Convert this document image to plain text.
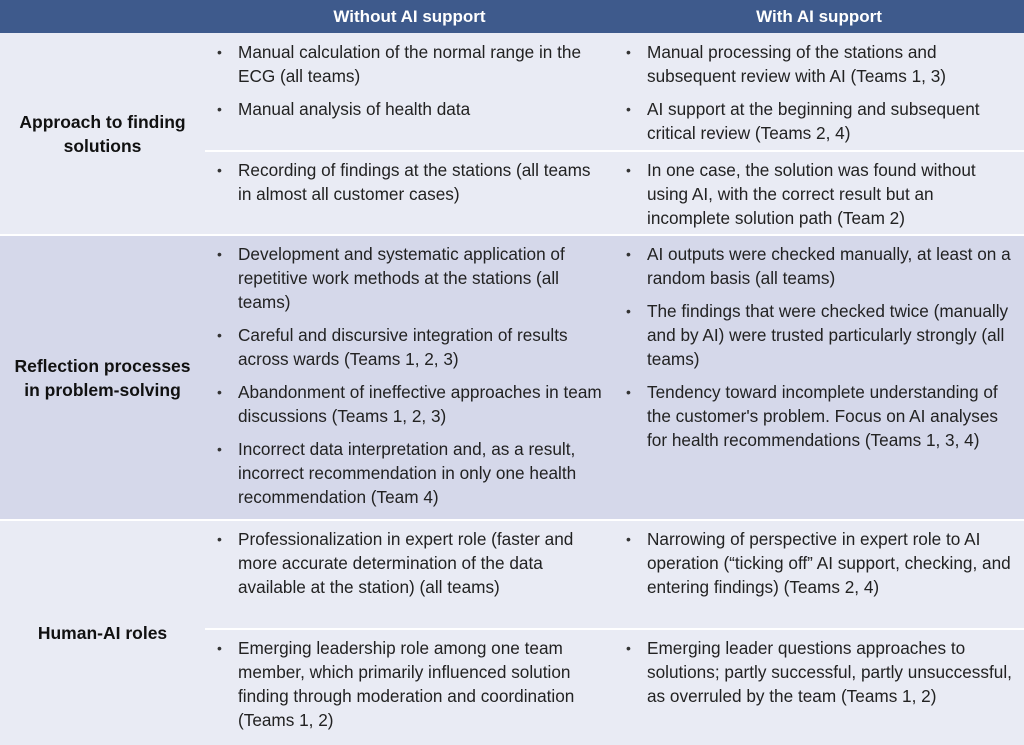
Without AI support	With AI support
Approach to finding solutions
• Manual calculation of the normal range in the ECG (all teams)
• Manual analysis of health data
• Manual processing of the stations and subsequent review with AI (Teams 1, 3)
• AI support at the beginning and subsequent critical review (Teams 2, 4)
• Recording of findings at the stations (all teams in almost all customer cases)
• In one case, the solution was found without using AI, with the correct result but an incomplete solution path (Team 2)
Reflection processes in problem-solving
• Development and systematic application of repetitive work methods at the stations (all teams)
• Careful and discursive integration of results across wards (Teams 1, 2, 3)
• Abandonment of ineffective approaches in team discussions (Teams 1, 2, 3)
• Incorrect data interpretation and, as a result, incorrect recommendation in only one health recommendation (Team 4)
• AI outputs were checked manually, at least on a random basis (all teams)
• The findings that were checked twice (manually and by AI) were trusted particularly strongly (all teams)
• Tendency toward incomplete understanding of the customer's problem. Focus on AI analyses for health recommendations (Teams 1, 3, 4)
Human-AI roles
• Professionalization in expert role (faster and more accurate determination of the data available at the station) (all teams)
• Narrowing of perspective in expert role to AI operation (“ticking off” AI support, checking, and entering findings) (Teams 2, 4)
• Emerging leadership role among one team member, which primarily influenced solution finding through moderation and coordination (Teams 1, 2)
• Emerging leader questions approaches to solutions; partly successful, partly unsuccessful, as overruled by the team (Teams 1, 2)
